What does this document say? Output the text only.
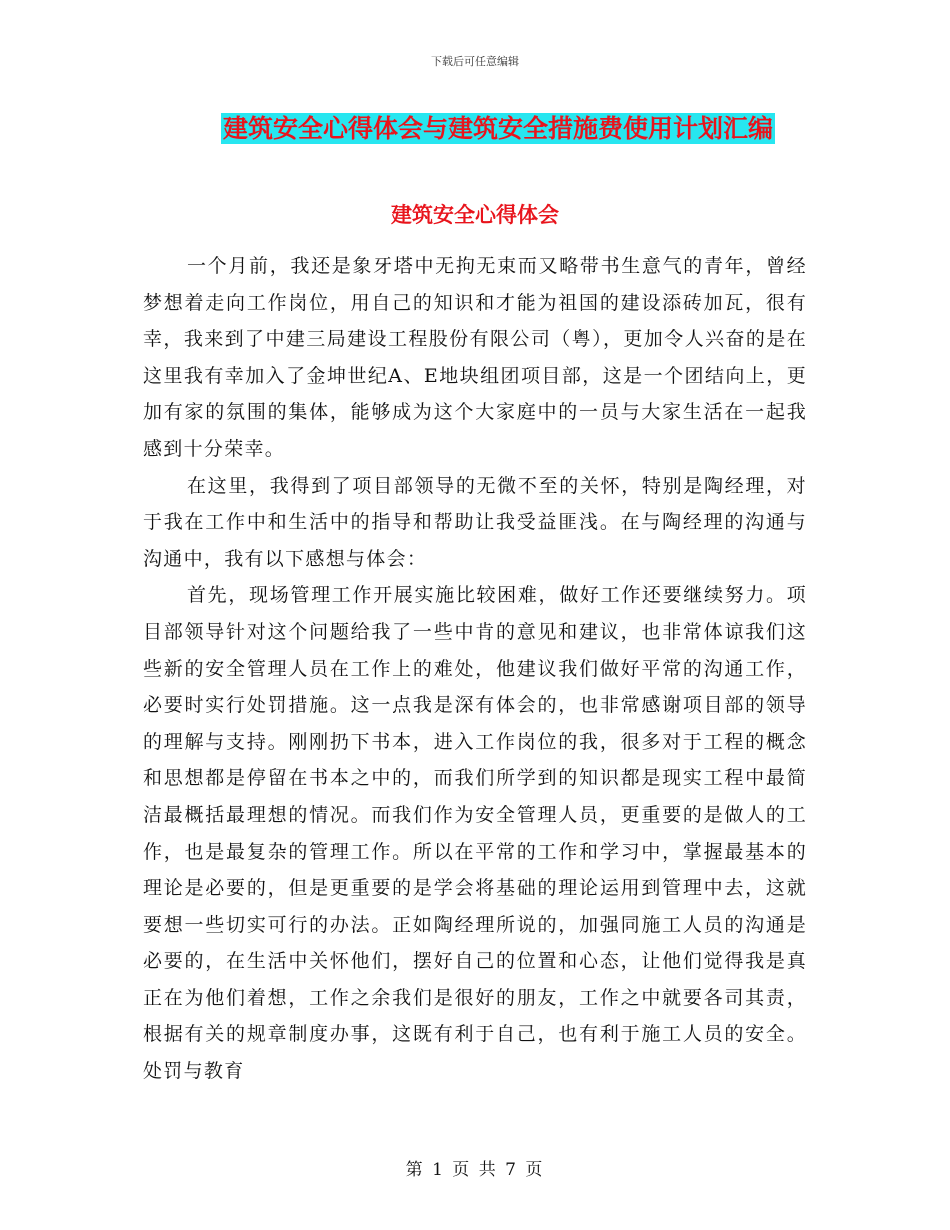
下载后可任意编辑
建筑安全心得体会与建筑安全措施费使用计划汇编
建筑安全心得体会

一个月前，我还是象牙塔中无拘无束而又略带书生意气的青年，曾经梦想着走向工作岗位，用自己的知识和才能为祖国的建设添砖加瓦，很有幸，我来到了中建三局建设工程股份有限公司（粤），更加令人兴奋的是在这里我有幸加入了金坤世纪A、E地块组团项目部，这是一个团结向上，更加有家的氛围的集体，能够成为这个大家庭中的一员与大家生活在一起我感到十分荣幸。

在这里，我得到了项目部领导的无微不至的关怀，特别是陶经理，对于我在工作中和生活中的指导和帮助让我受益匪浅。在与陶经理的沟通与沟通中，我有以下感想与体会：

首先，现场管理工作开展实施比较困难，做好工作还要继续努力。项目部领导针对这个问题给我了一些中肯的意见和建议，也非常体谅我们这些新的安全管理人员在工作上的难处，他建议我们做好平常的沟通工作，必要时实行处罚措施。这一点我是深有体会的，也非常感谢项目部的领导的理解与支持。刚刚扔下书本，进入工作岗位的我，很多对于工程的概念和思想都是停留在书本之中的，而我们所学到的知识都是现实工程中最简洁最概括最理想的情况。而我们作为安全管理人员，更重要的是做人的工作，也是最复杂的管理工作。所以在平常的工作和学习中，掌握最基本的理论是必要的，但是更重要的是学会将基础的理论运用到管理中去，这就要想一些切实可行的办法。正如陶经理所说的，加强同施工人员的沟通是必要的，在生活中关怀他们，摆好自己的位置和心态，让他们觉得我是真正在为他们着想，工作之余我们是很好的朋友，工作之中就要各司其责，根据有关的规章制度办事，这既有利于自己，也有利于施工人员的安全。处罚与教育

第 1 页 共 7 页
